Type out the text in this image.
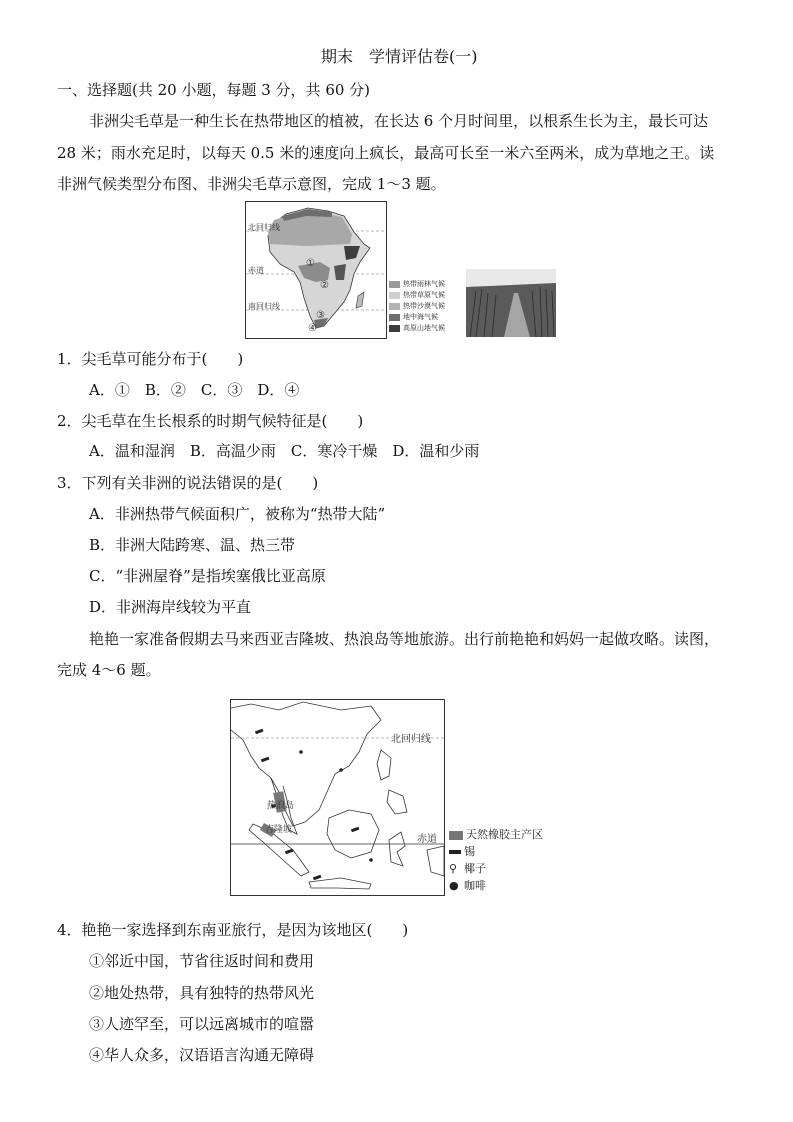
期末　学情评估卷(一)
一、选择题(共 20 小题，每题 3 分，共 60 分)
非洲尖毛草是一种生长在热带地区的植被，在长达 6 个月时间里，以根系生长为主，最长可达
28 米；雨水充足时，以每天 0.5 米的速度向上疯长，最高可长至一米六至两米，成为草地之王。读
非洲气候类型分布图、非洲尖毛草示意图，完成 1～3 题。
北回归线
赤道
南回归线
①
②
③
④
热带雨林气候
热带草原气候
热带沙漠气候
地中海气候
高原山地气候
1．尖毛草可能分布于(　　)
A．①　B．②　C．③　D．④
2．尖毛草在生长根系的时期气候特征是(　　)
A．温和湿润　B．高温少雨　C．寒冷干燥　D．温和少雨
3．下列有关非洲的说法错误的是(　　)
A．非洲热带气候面积广，被称为“热带大陆”
B．非洲大陆跨寒、温、热三带
C．“非洲屋脊”是指埃塞俄比亚高原
D．非洲海岸线较为平直
艳艳一家准备假期去马来西亚吉隆坡、热浪岛等地旅游。出行前艳艳和妈妈一起做攻略。读图，
完成 4～6 题。
北回归线
赤道
热浪岛
吉隆坡	天然橡胶主产区
锡
⚲ 椰子
● 咖啡
4．艳艳一家选择到东南亚旅行，是因为该地区(　　)
①邻近中国，节省往返时间和费用
②地处热带，具有独特的热带风光
③人迹罕至，可以远离城市的喧嚣
④华人众多，汉语语言沟通无障碍
